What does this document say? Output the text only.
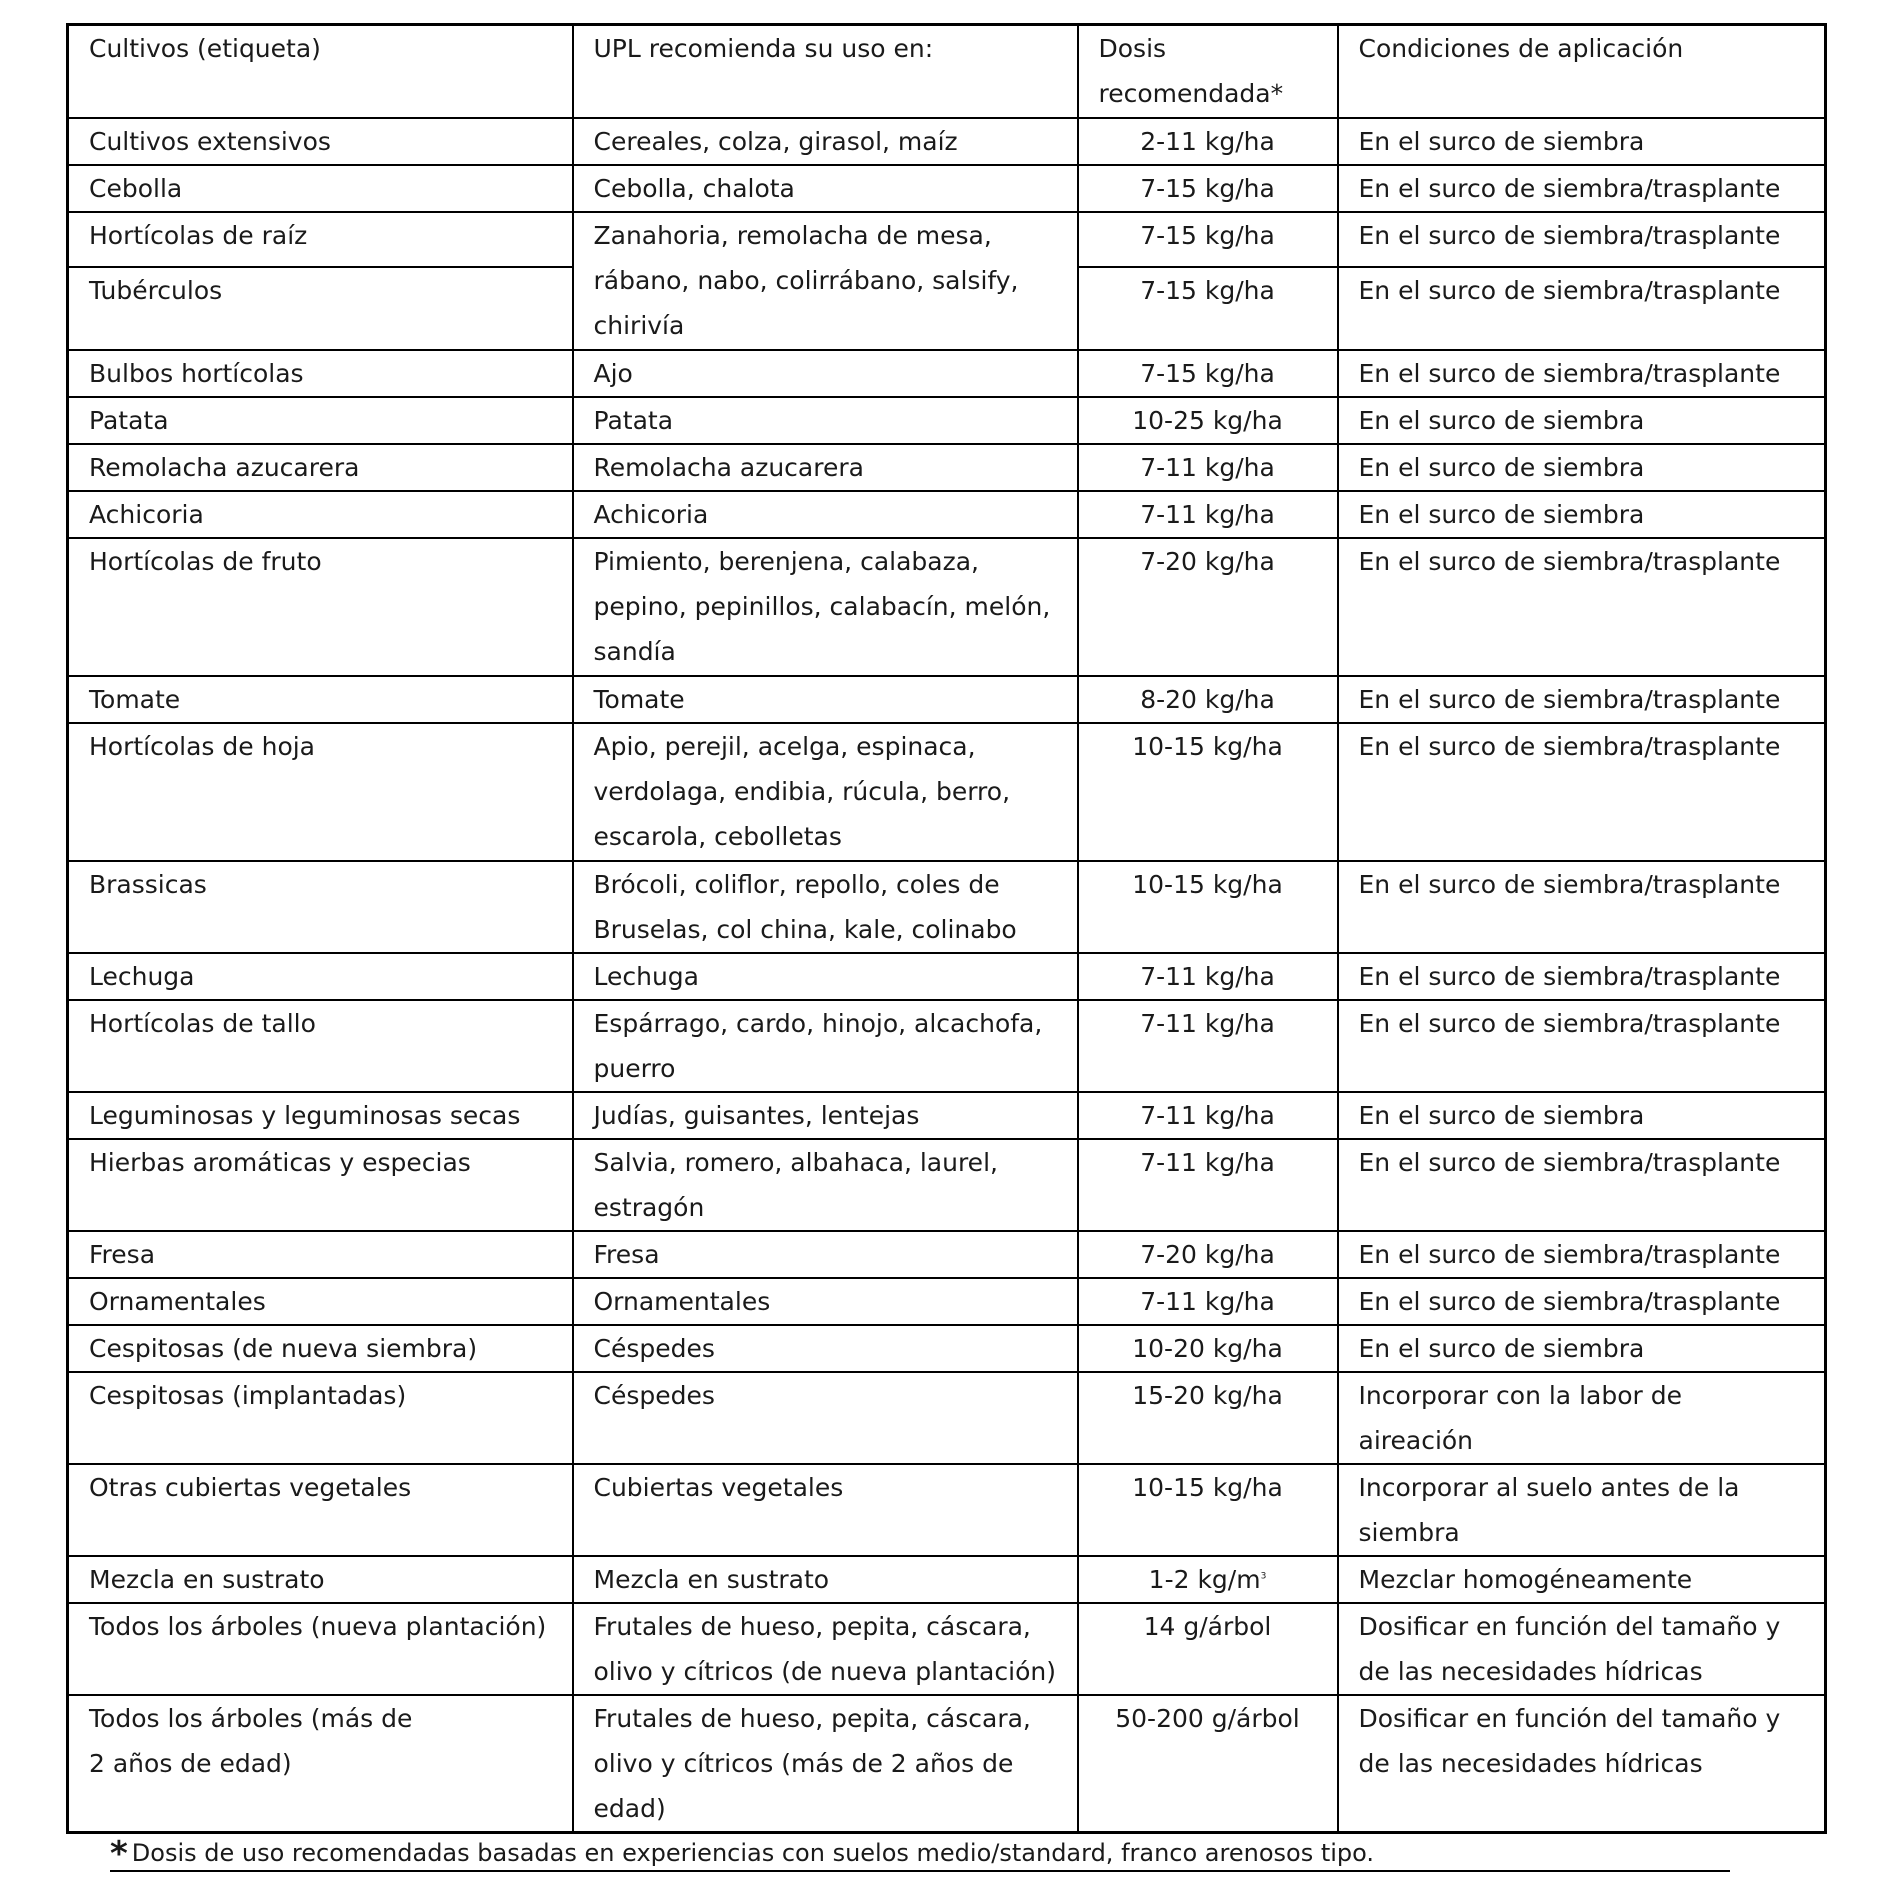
Cultivos (etiqueta)	UPL recomienda su uso en:	Dosis recomendada*	Condiciones de aplicación
Cultivos extensivos	Cereales, colza, girasol, maíz	2-11 kg/ha	En el surco de siembra
Cebolla	Cebolla, chalota	7-15 kg/ha	En el surco de siembra/trasplante
Hortícolas de raíz	Zanahoria, remolacha de mesa, rábano, nabo, colirrábano, salsify, chirivía	7-15 kg/ha	En el surco de siembra/trasplante
Tubérculos		7-15 kg/ha	En el surco de siembra/trasplante
Bulbos hortícolas	Ajo	7-15 kg/ha	En el surco de siembra/trasplante
Patata	Patata	10-25 kg/ha	En el surco de siembra
Remolacha azucarera	Remolacha azucarera	7-11 kg/ha	En el surco de siembra
Achicoria	Achicoria	7-11 kg/ha	En el surco de siembra
Hortícolas de fruto	Pimiento, berenjena, calabaza, pepino, pepinillos, calabacín, melón, sandía	7-20 kg/ha	En el surco de siembra/trasplante
Tomate	Tomate	8-20 kg/ha	En el surco de siembra/trasplante
Hortícolas de hoja	Apio, perejil, acelga, espinaca, verdolaga, endibia, rúcula, berro, escarola, cebolletas	10-15 kg/ha	En el surco de siembra/trasplante
Brassicas	Brócoli, coliflor, repollo, coles de Bruselas, col china, kale, colinabo	10-15 kg/ha	En el surco de siembra/trasplante
Lechuga	Lechuga	7-11 kg/ha	En el surco de siembra/trasplante
Hortícolas de tallo	Espárrago, cardo, hinojo, alcachofa, puerro	7-11 kg/ha	En el surco de siembra/trasplante
Leguminosas y leguminosas secas	Judías, guisantes, lentejas	7-11 kg/ha	En el surco de siembra
Hierbas aromáticas y especias	Salvia, romero, albahaca, laurel, estragón	7-11 kg/ha	En el surco de siembra/trasplante
Fresa	Fresa	7-20 kg/ha	En el surco de siembra/trasplante
Ornamentales	Ornamentales	7-11 kg/ha	En el surco de siembra/trasplante
Cespitosas (de nueva siembra)	Céspedes	10-20 kg/ha	En el surco de siembra
Cespitosas (implantadas)	Céspedes	15-20 kg/ha	Incorporar con la labor de aireación
Otras cubiertas vegetales	Cubiertas vegetales	10-15 kg/ha	Incorporar al suelo antes de la siembra
Mezcla en sustrato	Mezcla en sustrato	1-2 $kg/m^3$	Mezclar homogéneamente
Todos los árboles (nueva plantación)	Frutales de hueso, pepita, cáscara, olivo y cítricos (de nueva plantación)	14 g/árbol	Dosificar en función del tamaño y de las necesidades hídricas
Todos los árboles (más de 2 años de edad)	Frutales de hueso, pepita, cáscara, olivo y cítricos (más de 2 años de edad)	50-200 g/árbol	Dosificar en función del tamaño y de las necesidades hídricas
* Dosis de uso recomendadas basadas en experiencias con suelos medio/standard, franco arenosos tipo.
